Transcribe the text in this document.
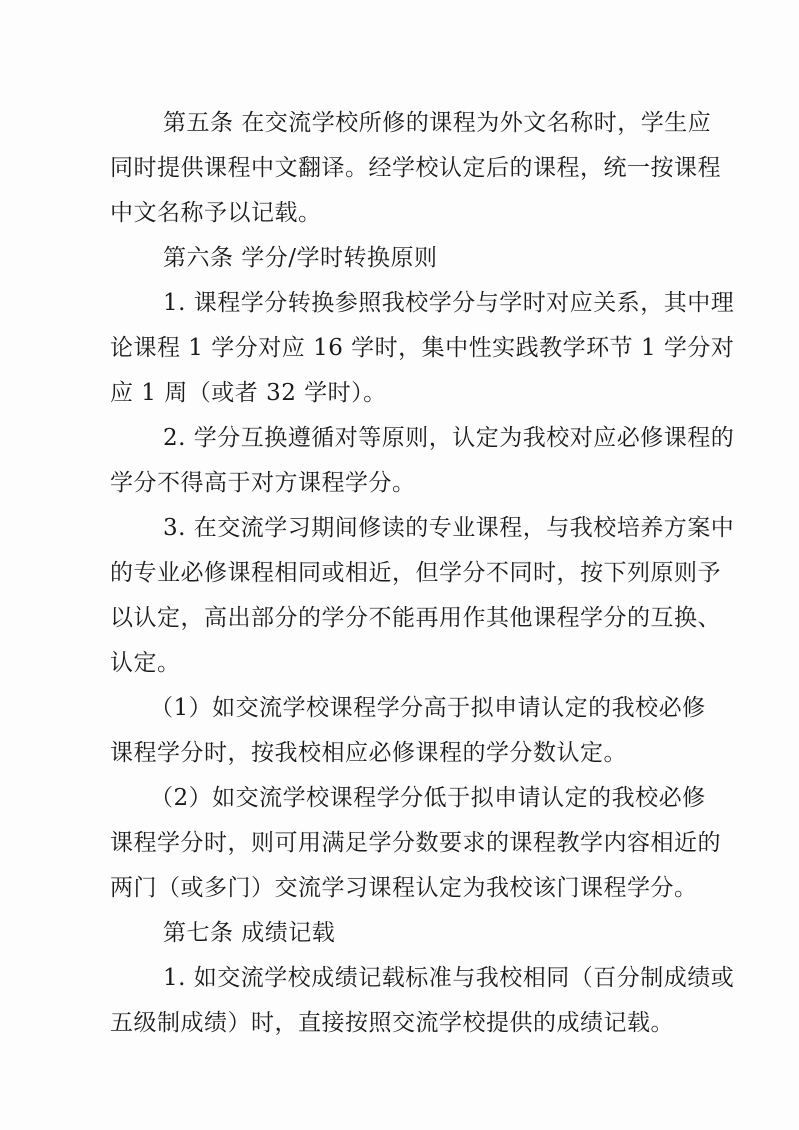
第五条 在交流学校所修的课程为外文名称时，学生应

同时提供课程中文翻译。经学校认定后的课程，统一按课程

中文名称予以记载。

第六条 学分/学时转换原则

1. 课程学分转换参照我校学分与学时对应关系，其中理

论课程 1 学分对应 16 学时，集中性实践教学环节 1 学分对

应 1 周（或者 32 学时）。

2. 学分互换遵循对等原则，认定为我校对应必修课程的

学分不得高于对方课程学分。

3. 在交流学习期间修读的专业课程，与我校培养方案中

的专业必修课程相同或相近，但学分不同时，按下列原则予

以认定，高出部分的学分不能再用作其他课程学分的互换、

认定。

（1）如交流学校课程学分高于拟申请认定的我校必修

课程学分时，按我校相应必修课程的学分数认定。

（2）如交流学校课程学分低于拟申请认定的我校必修

课程学分时，则可用满足学分数要求的课程教学内容相近的

两门（或多门）交流学习课程认定为我校该门课程学分。

第七条 成绩记载

1. 如交流学校成绩记载标准与我校相同（百分制成绩或

五级制成绩）时，直接按照交流学校提供的成绩记载。
